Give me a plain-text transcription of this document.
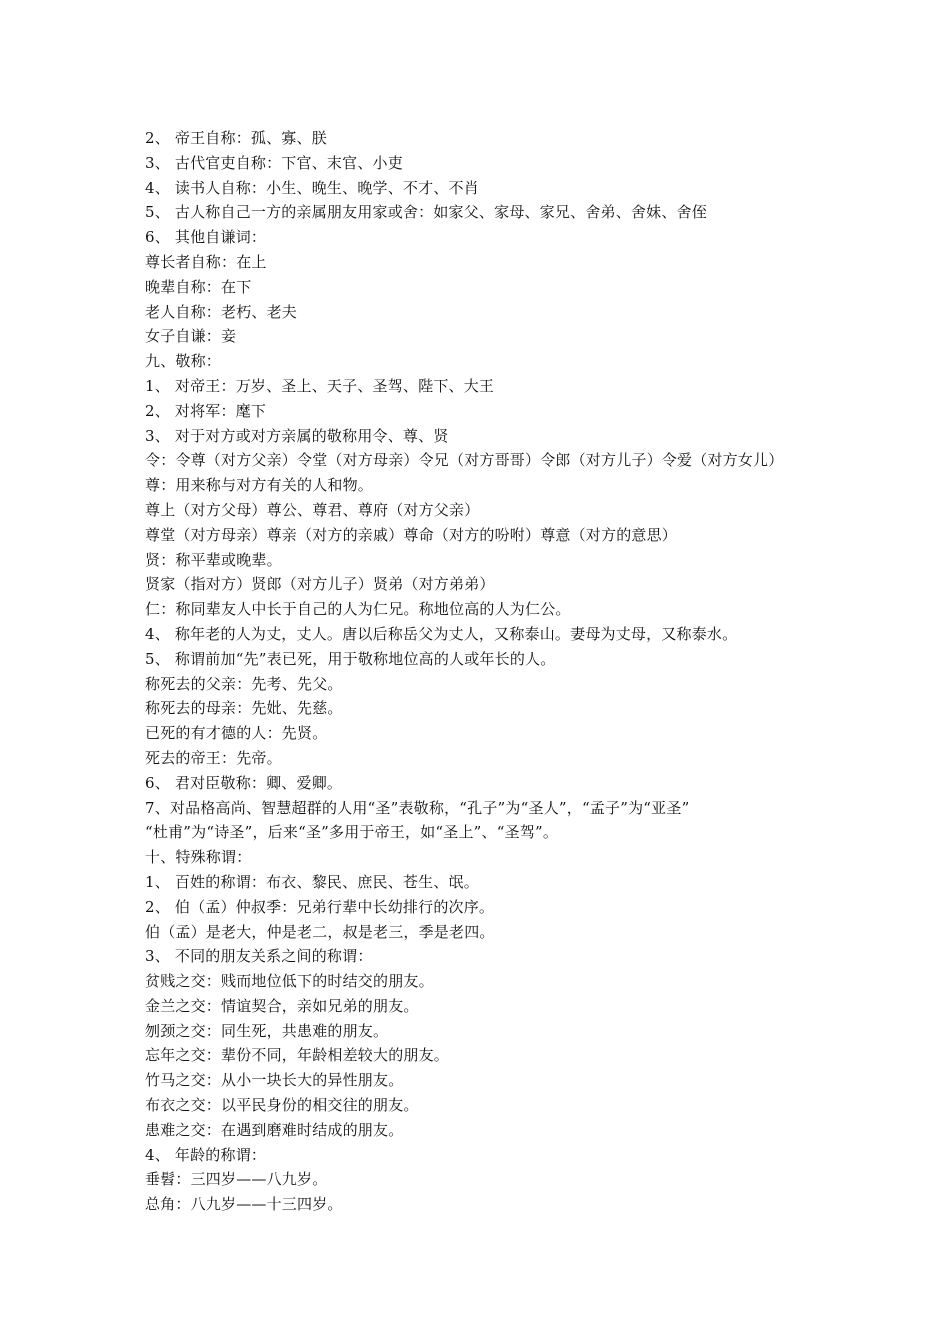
2、 帝王自称：孤、寡、朕
3、 古代官吏自称：下官、末官、小吏
4、 读书人自称：小生、晚生、晚学、不才、不肖
5、 古人称自己一方的亲属朋友用家或舍：如家父、家母、家兄、舍弟、舍妹、舍侄
6、 其他自谦词：
尊长者自称：在上
晚辈自称：在下
老人自称：老朽、老夫
女子自谦：妾
九、敬称：
1、 对帝王：万岁、圣上、天子、圣驾、陛下、大王
2、 对将军：麾下
3、 对于对方或对方亲属的敬称用令、尊、贤
令：令尊（对方父亲）令堂（对方母亲）令兄（对方哥哥）令郎（对方儿子）令爱（对方女儿）
尊：用来称与对方有关的人和物。
尊上（对方父母）尊公、尊君、尊府（对方父亲）
尊堂（对方母亲）尊亲（对方的亲戚）尊命（对方的吩咐）尊意（对方的意思）
贤：称平辈或晚辈。
贤家（指对方）贤郎（对方儿子）贤弟（对方弟弟）
仁：称同辈友人中长于自己的人为仁兄。称地位高的人为仁公。
4、 称年老的人为丈，丈人。唐以后称岳父为丈人，又称泰山。妻母为丈母，又称泰水。
5、 称谓前加“先”表已死，用于敬称地位高的人或年长的人。
称死去的父亲：先考、先父。
称死去的母亲：先妣、先慈。
已死的有才德的人：先贤。
死去的帝王：先帝。
6、 君对臣敬称：卿、爱卿。
7、对品格高尚、智慧超群的人用“圣”表敬称，“孔子”为“圣人”，“孟子”为“亚圣”
“杜甫”为“诗圣”，后来“圣”多用于帝王，如“圣上”、“圣驾”。
十、特殊称谓：
1、 百姓的称谓：布衣、黎民、庶民、苍生、氓。
2、 伯（孟）仲叔季：兄弟行辈中长幼排行的次序。
伯（孟）是老大，仲是老二，叔是老三，季是老四。
3、 不同的朋友关系之间的称谓：
贫贱之交：贱而地位低下的时结交的朋友。
金兰之交：情谊契合，亲如兄弟的朋友。
刎颈之交：同生死，共患难的朋友。
忘年之交：辈份不同，年龄相差较大的朋友。
竹马之交：从小一块长大的异性朋友。
布衣之交：以平民身份的相交往的朋友。
患难之交：在遇到磨难时结成的朋友。
4、 年龄的称谓：
垂髫：三四岁——八九岁。
总角：八九岁——十三四岁。
